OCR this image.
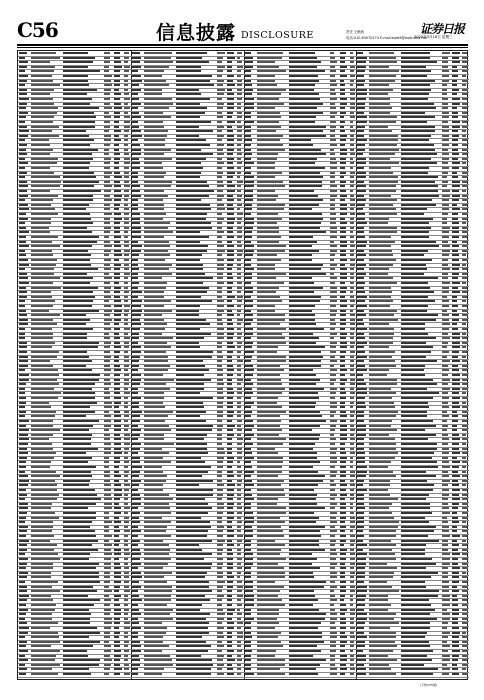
C56	信息披露 DISCLOSURE	责任 王帆帆
电话:010-63070174 E-mail:zqrb9@zqrb.sina.net
证券日报
2020年3月18日 星期三
(下转C55版)
